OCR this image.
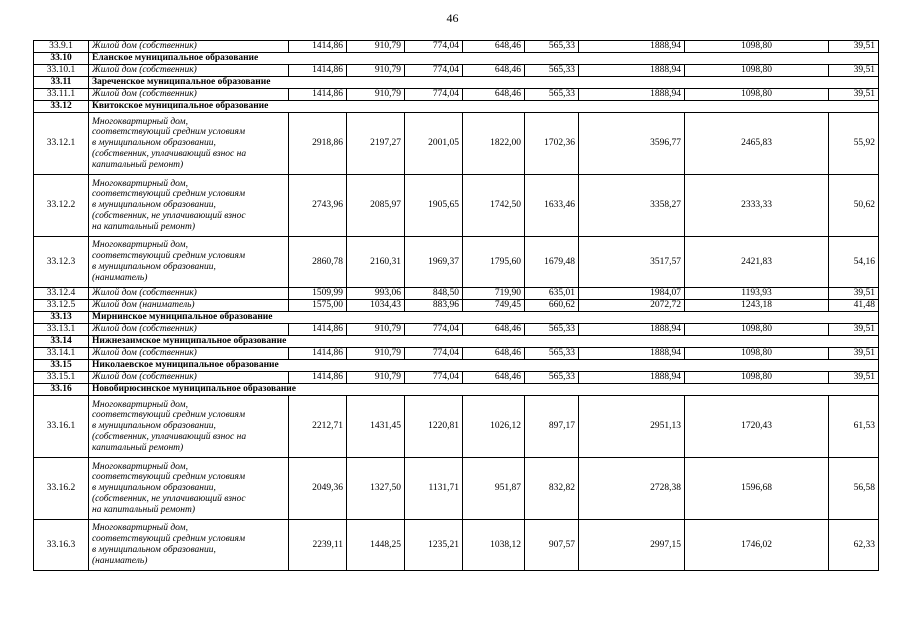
46
33.9.1	Жилой дом (собственник)	1414,86	910,79	774,04	648,46	565,33	1888,94	1098,80	39,51
33.10	Еланское муниципальное образование								
33.10.1	Жилой дом (собственник)	1414,86	910,79	774,04	648,46	565,33	1888,94	1098,80	39,51
33.11	Зареченское муниципальное образование								
33.11.1	Жилой дом (собственник)	1414,86	910,79	774,04	648,46	565,33	1888,94	1098,80	39,51
33.12	Квитокское муниципальное образование								
33.12.1	Многоквартирный дом,
соответствующий средним условиям
в муниципальном образовании,
(собственник, уплачивающий взнос на
капитальный ремонт)	2918,86	2197,27	2001,05	1822,00	1702,36	3596,77	2465,83	55,92
33.12.2	Многоквартирный дом,
соответствующий средним условиям
в муниципальном образовании,
(собственник, не уплачивающий взнос
на капитальный ремонт)	2743,96	2085,97	1905,65	1742,50	1633,46	3358,27	2333,33	50,62
33.12.3	Многоквартирный дом,
соответствующий средним условиям
в муниципальном образовании,
(наниматель)	2860,78	2160,31	1969,37	1795,60	1679,48	3517,57	2421,83	54,16
33.12.4	Жилой дом (собственник)	1509,99	993,06	848,50	719,90	635,01	1984,07	1193,93	39,51
33.12.5	Жилой дом (наниматель)	1575,00	1034,43	883,96	749,45	660,62	2072,72	1243,18	41,48
33.13	Мирнинское муниципальное образование								
33.13.1	Жилой дом (собственник)	1414,86	910,79	774,04	648,46	565,33	1888,94	1098,80	39,51
33.14	Нижнезаимское муниципальное образование								
33.14.1	Жилой дом (собственник)	1414,86	910,79	774,04	648,46	565,33	1888,94	1098,80	39,51
33.15	Николаевское муниципальное образование								
33.15.1	Жилой дом (собственник)	1414,86	910,79	774,04	648,46	565,33	1888,94	1098,80	39,51
33.16	Новобирюсинское муниципальное образование								
33.16.1	Многоквартирный дом,
соответствующий средним условиям
в муниципальном образовании,
(собственник, уплачивающий взнос на
капитальный ремонт)	2212,71	1431,45	1220,81	1026,12	897,17	2951,13	1720,43	61,53
33.16.2	Многоквартирный дом,
соответствующий средним условиям
в муниципальном образовании,
(собственник, не уплачивающий взнос
на капитальный ремонт)	2049,36	1327,50	1131,71	951,87	832,82	2728,38	1596,68	56,58
33.16.3	Многоквартирный дом,
соответствующий средним условиям
в муниципальном образовании,
(наниматель)	2239,11	1448,25	1235,21	1038,12	907,57	2997,15	1746,02	62,33
